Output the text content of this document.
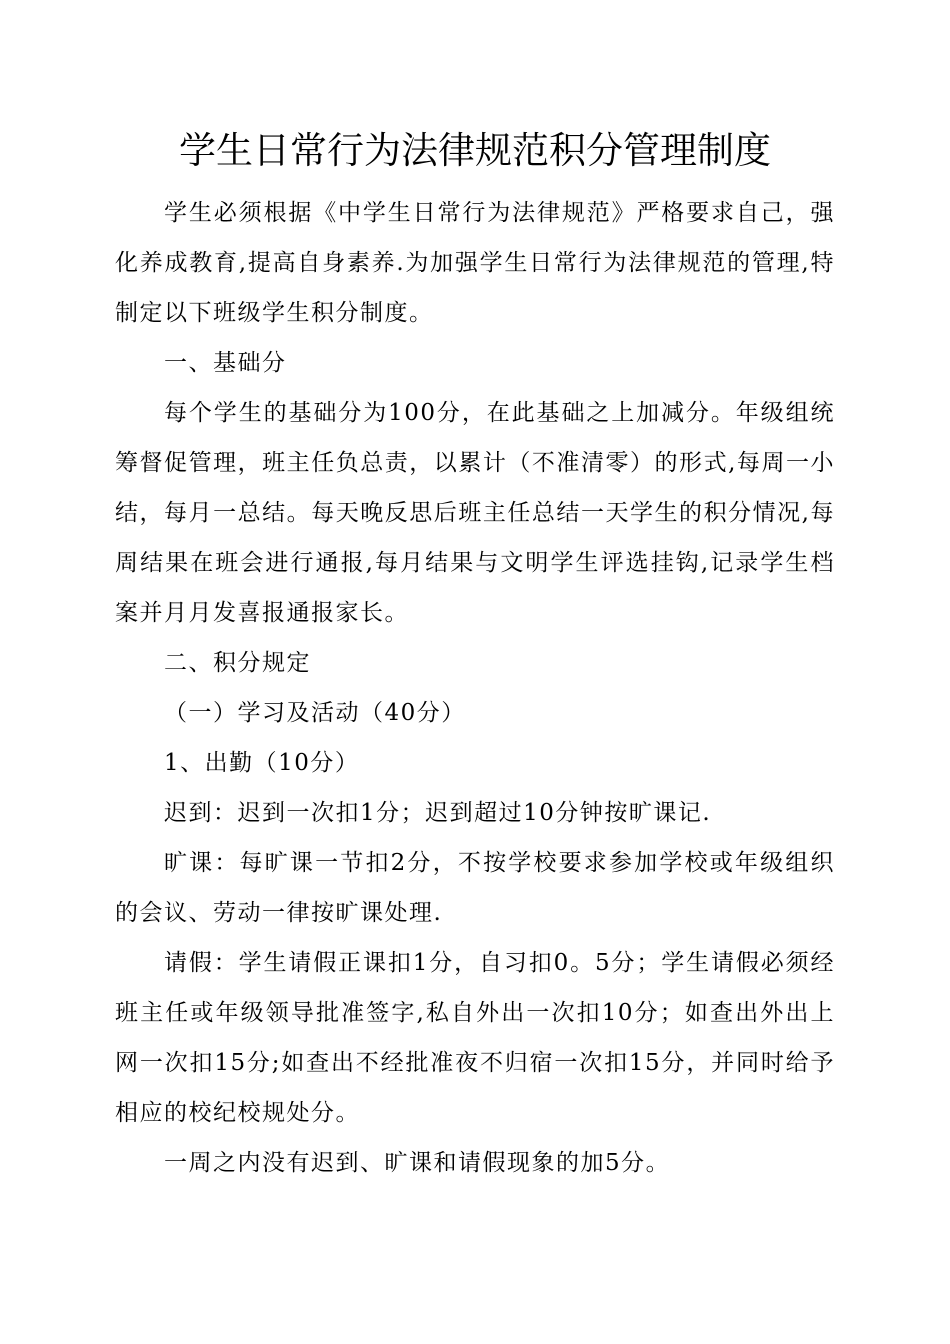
学生日常行为法律规范积分管理制度

学生必须根据《中学生日常行为法律规范》严格要求自己，强化养成教育,提高自身素养.为加强学生日常行为法律规范的管理,特制定以下班级学生积分制度。

一、基础分

每个学生的基础分为100分，在此基础之上加减分。年级组统筹督促管理，班主任负总责，以累计（不准清零）的形式,每周一小结，每月一总结。每天晚反思后班主任总结一天学生的积分情况,每周结果在班会进行通报,每月结果与文明学生评选挂钩,记录学生档案并月月发喜报通报家长。

二、积分规定

（一）学习及活动（40分）

1、出勤（10分）

迟到：迟到一次扣1分；迟到超过10分钟按旷课记.

旷课：每旷课一节扣2分，不按学校要求参加学校或年级组织的会议、劳动一律按旷课处理.

请假：学生请假正课扣1分，自习扣0。5分；学生请假必须经班主任或年级领导批准签字,私自外出一次扣10分；如查出外出上网一次扣15分;如查出不经批准夜不归宿一次扣15分，并同时给予相应的校纪校规处分。

一周之内没有迟到、旷课和请假现象的加5分。
